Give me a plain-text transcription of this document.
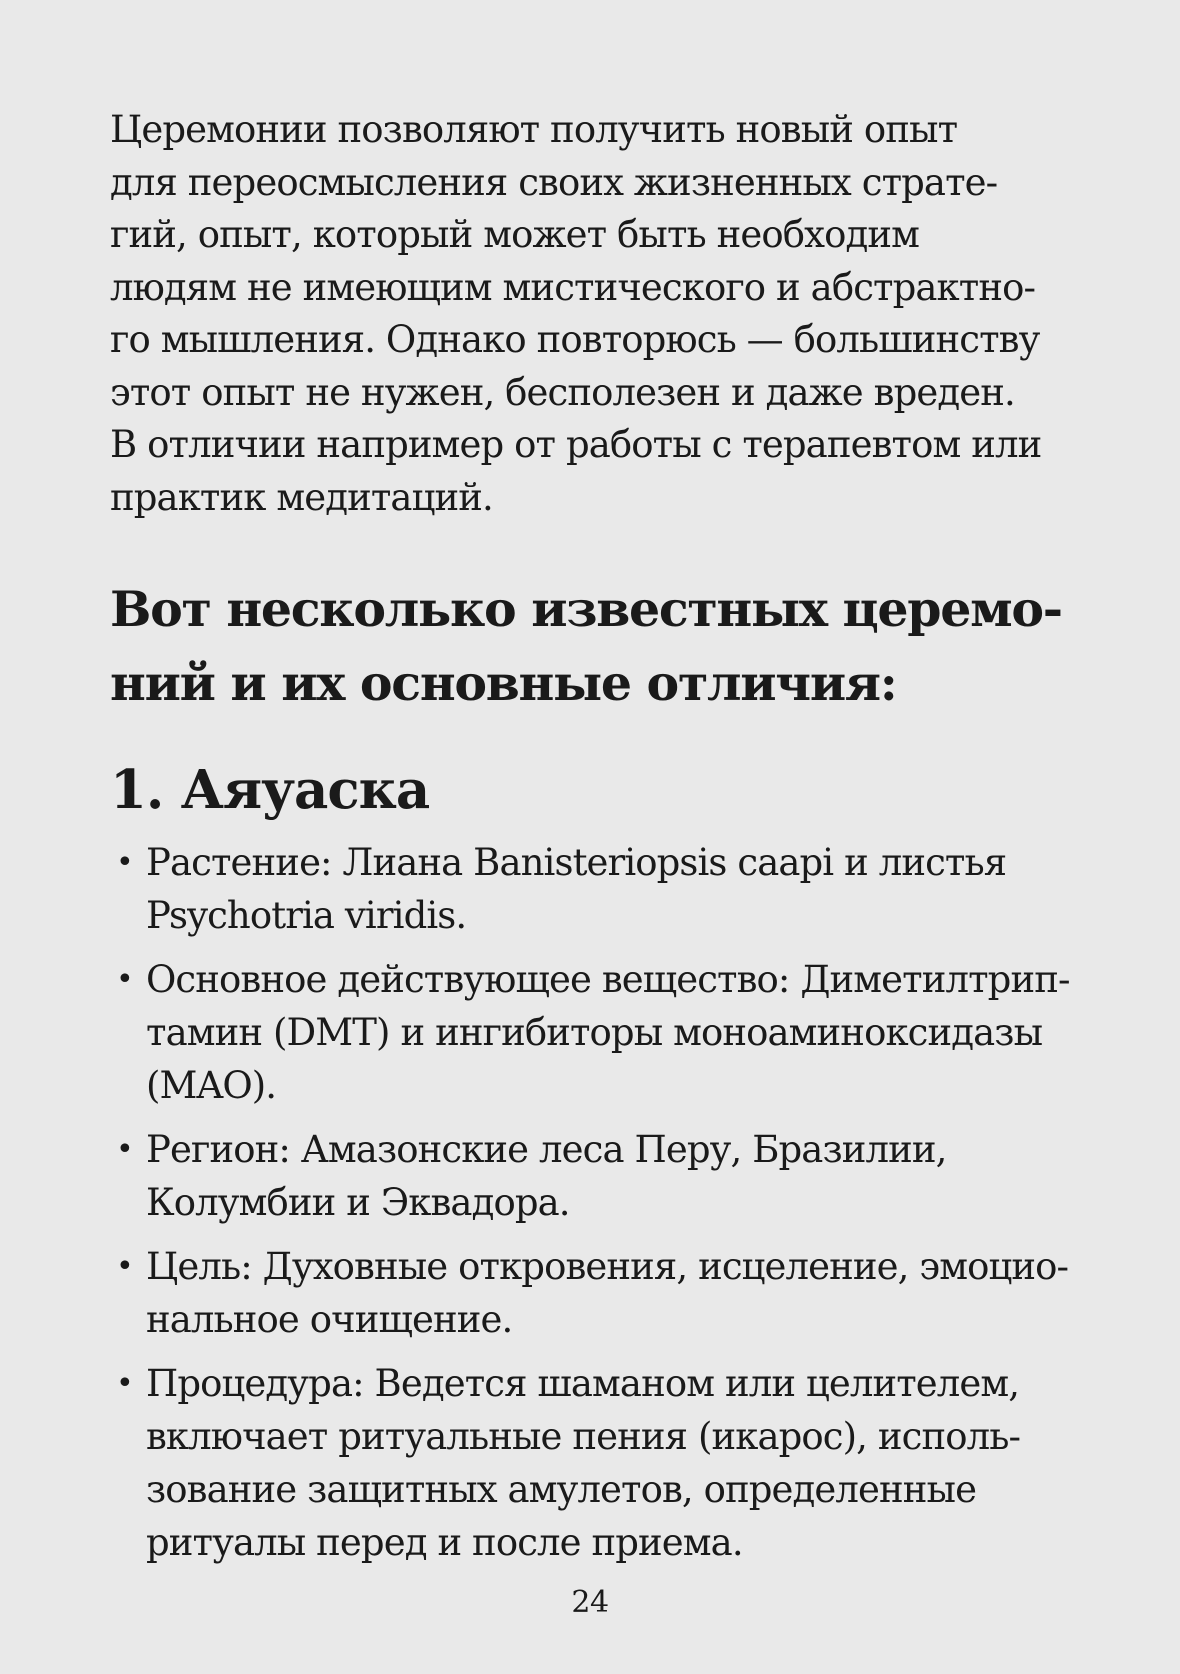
Церемонии позволяют получить новый опыт
для переосмысления своих жизненных страте-
гий, опыт, который может быть необходим
людям не имеющим мистического и абстрактно-
го мышления. Однако повторюсь — большинству
этот опыт не нужен, бесполезен и даже вреден.
В отличии например от работы с терапевтом или
практик медитаций.

Вот несколько известных церемо-
ний и их основные отличия:
1. Аяуаска
• Растение: Лиана Banisteriopsis caapi и листья
Psychotria viridis.
• Основное действующее вещество: Диметилтрип-
тамин (DMT) и ингибиторы моноаминоксидазы
(MAO).
• Регион: Амазонские леса Перу, Бразилии,
Колумбии и Эквадора.
• Цель: Духовные откровения, исцеление, эмоцио-
нальное очищение.
• Процедура: Ведется шаманом или целителем,
включает ритуальные пения (икарос), исполь-
зование защитных амулетов, определенные
ритуалы перед и после приема.
24
